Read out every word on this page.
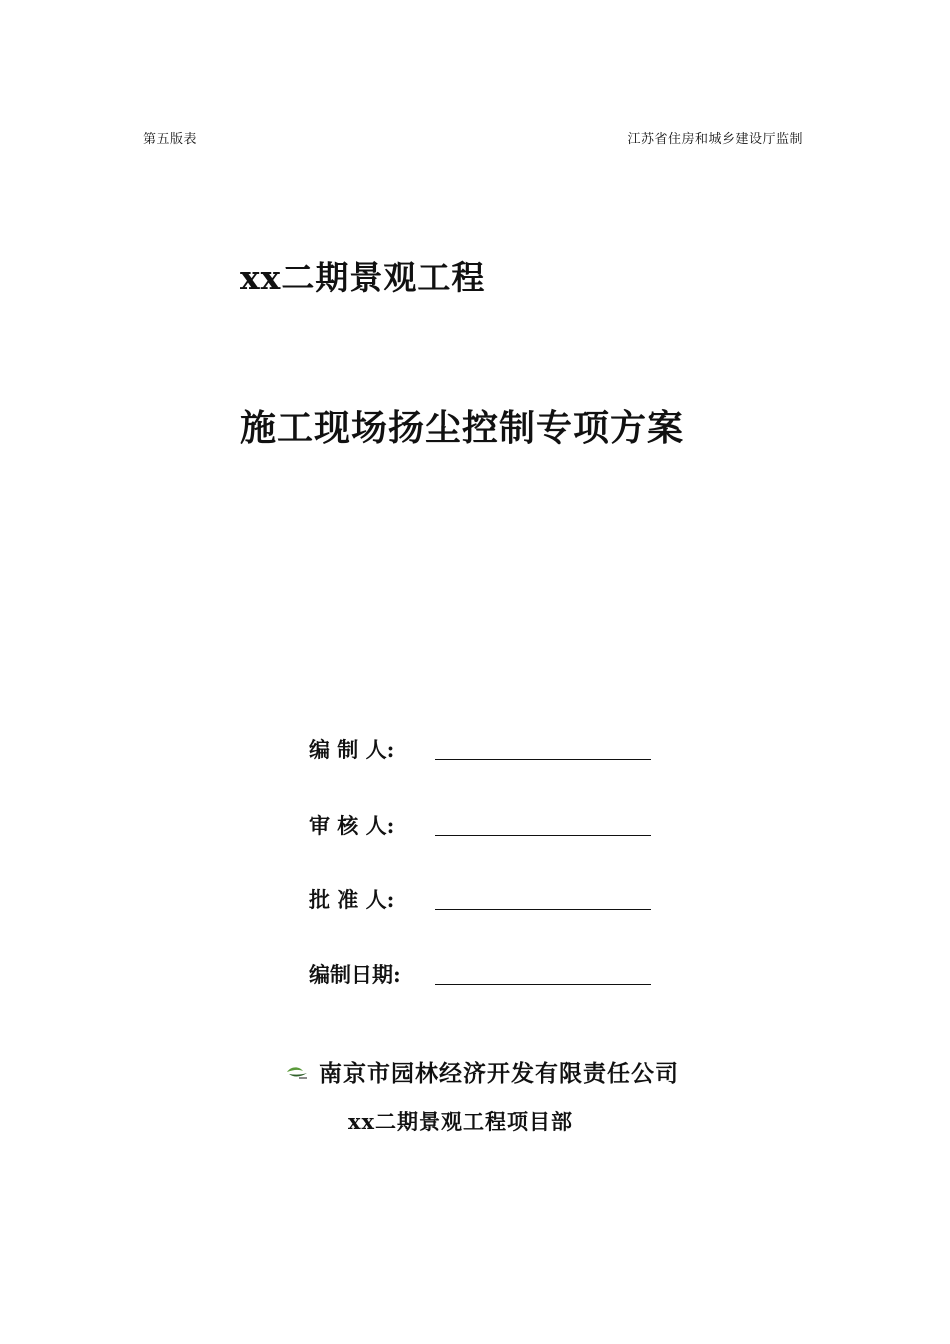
第五版表	江苏省住房和城乡建设厅监制
xx二期景观工程
施工现场扬尘控制专项方案
编 制 人:
审 核 人:
批 准 人:
编制日期:
南京市园林经济开发有限责任公司
xx二期景观工程项目部
